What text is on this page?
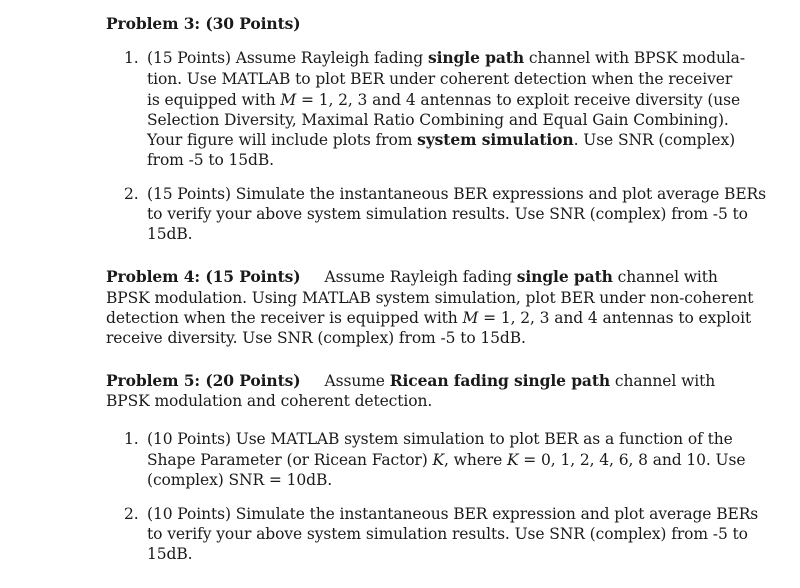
Problem 3: (30 Points)
1. (15 Points) Assume Rayleigh fading single path channel with BPSK modula-
tion. Use MATLAB to plot BER under coherent detection when the receiver
is equipped with M = 1, 2, 3 and 4 antennas to exploit receive diversity (use
Selection Diversity, Maximal Ratio Combining and Equal Gain Combining).
Your figure will include plots from system simulation. Use SNR (complex)
from -5 to 15dB.
2. (15 Points) Simulate the instantaneous BER expressions and plot average BERs
to verify your above system simulation results. Use SNR (complex) from -5 to
15dB.
Problem 4: (15 Points) Assume Rayleigh fading single path channel with
BPSK modulation. Using MATLAB system simulation, plot BER under non-coherent
detection when the receiver is equipped with M = 1, 2, 3 and 4 antennas to exploit
receive diversity. Use SNR (complex) from -5 to 15dB.
Problem 5: (20 Points) Assume Ricean fading single path channel with
BPSK modulation and coherent detection.
1. (10 Points) Use MATLAB system simulation to plot BER as a function of the
Shape Parameter (or Ricean Factor) K, where K = 0, 1, 2, 4, 6, 8 and 10. Use
(complex) SNR = 10dB.
2. (10 Points) Simulate the instantaneous BER expression and plot average BERs
to verify your above system simulation results. Use SNR (complex) from -5 to
15dB.
